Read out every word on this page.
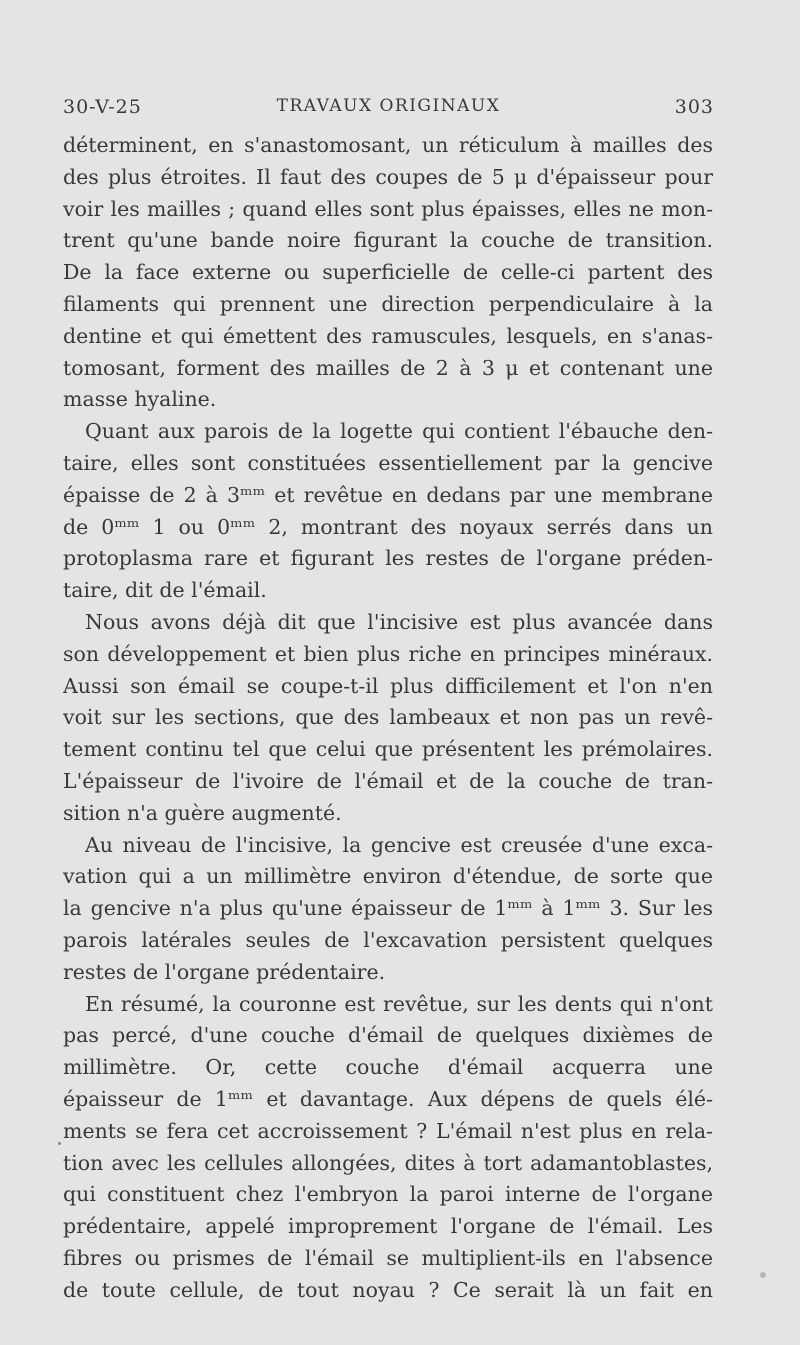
30-V-25	TRAVAUX ORIGINAUX	303
déterminent, en s'anastomosant, un réticulum à mailles des
des plus étroites. Il faut des coupes de 5 μ d'épaisseur pour
voir les mailles ; quand elles sont plus épaisses, elles ne mon-
trent qu'une bande noire figurant la couche de transition.
De la face externe ou superficielle de celle-ci partent des
filaments qui prennent une direction perpendiculaire à la
dentine et qui émettent des ramuscules, lesquels, en s'anas-
tomosant, forment des mailles de 2 à 3 μ et contenant une
masse hyaline.
Quant aux parois de la logette qui contient l'ébauche den-
taire, elles sont constituées essentiellement par la gencive
épaisse de 2 à 3ᵐᵐ et revêtue en dedans par une membrane
de 0ᵐᵐ 1 ou 0ᵐᵐ 2, montrant des noyaux serrés dans un
protoplasma rare et figurant les restes de l'organe préden-
taire, dit de l'émail.
Nous avons déjà dit que l'incisive est plus avancée dans
son développement et bien plus riche en principes minéraux.
Aussi son émail se coupe-t-il plus difficilement et l'on n'en
voit sur les sections, que des lambeaux et non pas un revê-
tement continu tel que celui que présentent les prémolaires.
L'épaisseur de l'ivoire de l'émail et de la couche de tran-
sition n'a guère augmenté.
Au niveau de l'incisive, la gencive est creusée d'une exca-
vation qui a un millimètre environ d'étendue, de sorte que
la gencive n'a plus qu'une épaisseur de 1ᵐᵐ à 1ᵐᵐ 3. Sur les
parois latérales seules de l'excavation persistent quelques
restes de l'organe prédentaire.
En résumé, la couronne est revêtue, sur les dents qui n'ont
pas percé, d'une couche d'émail de quelques dixièmes de
millimètre. Or, cette couche d'émail acquerra une
épaisseur de 1ᵐᵐ et davantage. Aux dépens de quels élé-
ments se fera cet accroissement ? L'émail n'est plus en rela-
tion avec les cellules allongées, dites à tort adamantoblastes,
qui constituent chez l'embryon la paroi interne de l'organe
prédentaire, appelé improprement l'organe de l'émail. Les
fibres ou prismes de l'émail se multiplient-ils en l'absence
de toute cellule, de tout noyau ? Ce serait là un fait en
